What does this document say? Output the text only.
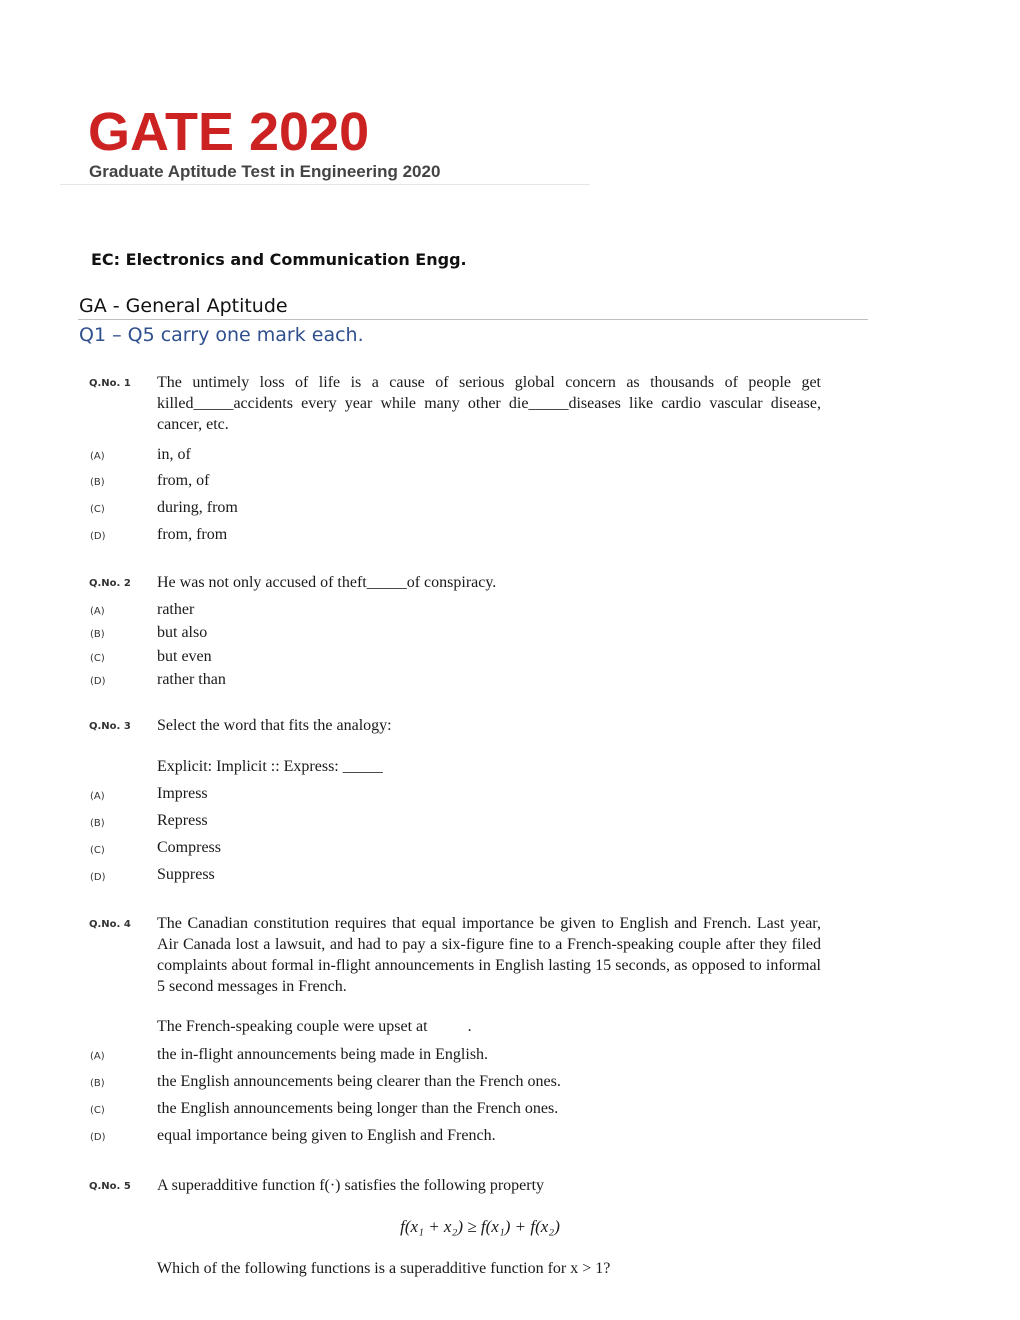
GATE 2020
Graduate Aptitude Test in Engineering 2020
EC: Electronics and Communication Engg.
GA - General Aptitude
Q1 – Q5 carry one mark each.
Q.No. 1 The untimely loss of life is a cause of serious global concern as thousands of people get killed_____accidents every year while many other die_____diseases like cardio vascular disease, cancer, etc.
(A)	in, of
(B)	from, of
(C)	during, from
(D)	from, from
Q.No. 2 He was not only accused of theft_____of conspiracy.
(A)	rather
(B)	but also
(C)	but even
(D)	rather than
Q.No. 3 Select the word that fits the analogy:
Explicit: Implicit :: Express: _____
(A)	Impress
(B)	Repress
(C)	Compress
(D)	Suppress
Q.No. 4 The Canadian constitution requires that equal importance be given to English and French. Last year, Air Canada lost a lawsuit, and had to pay a six-figure fine to a French-speaking couple after they filed complaints about formal in-flight announcements in English lasting 15 seconds, as opposed to informal 5 second messages in French.
The French-speaking couple were upset at          .
(A)	the in-flight announcements being made in English.
(B)	the English announcements being clearer than the French ones.
(C)	the English announcements being longer than the French ones.
(D)	equal importance being given to English and French.
Q.No. 5 A superadditive function f(·) satisfies the following property
f(x₁ + x₂) ≥ f(x₁) + f(x₂)
Which of the following functions is a superadditive function for x > 1?
